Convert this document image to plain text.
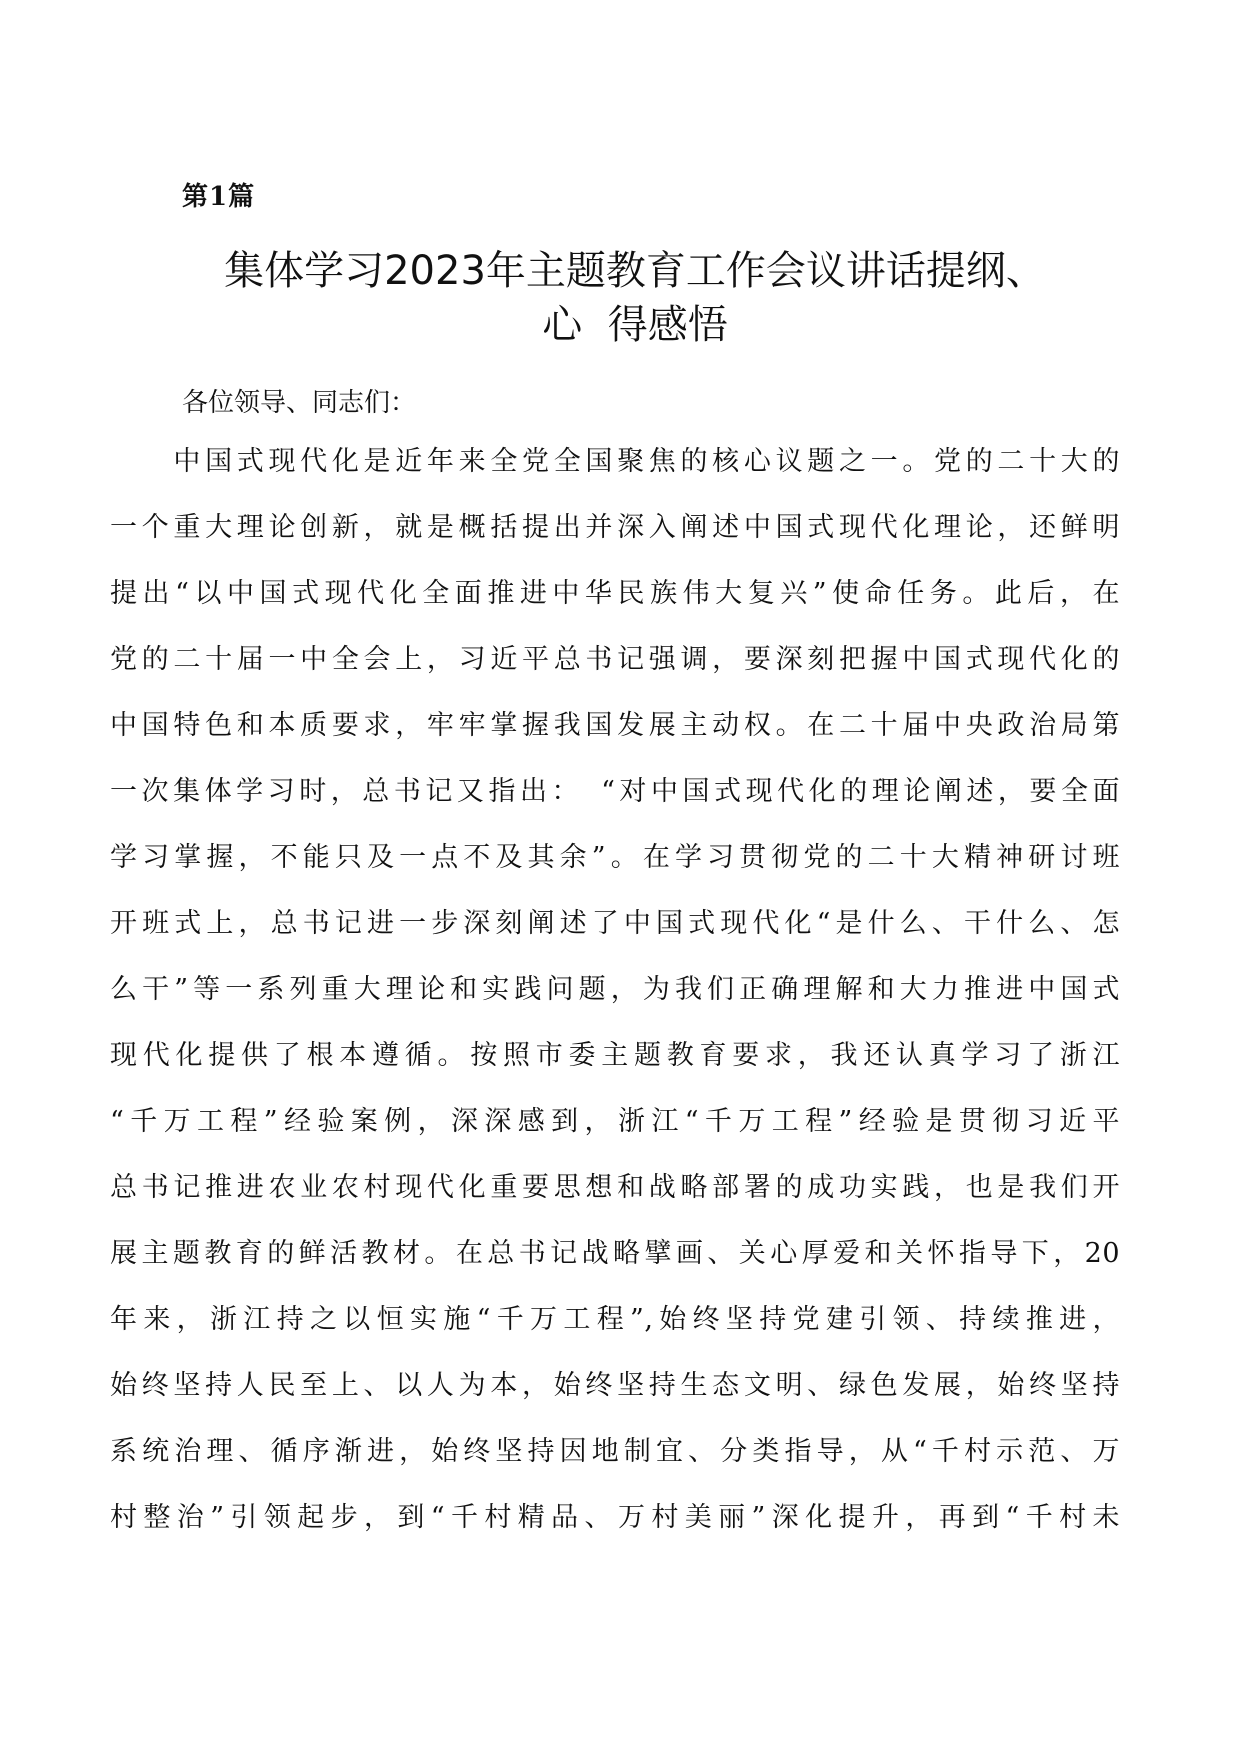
第1篇
集体学习2023年主题教育工作会议讲话提纲、
心  得感悟
各位领导、同志们：
　　中国式现代化是近年来全党全国聚焦的核心议题之一。党的二十大的
一个重大理论创新，就是概括提出并深入阐述中国式现代化理论，还鲜明
提出“以中国式现代化全面推进中华民族伟大复兴”使命任务。此后，在
党的二十届一中全会上，习近平总书记强调，要深刻把握中国式现代化的
中国特色和本质要求，牢牢掌握我国发展主动权。在二十届中央政治局第
一次集体学习时，总书记又指出：　“对中国式现代化的理论阐述，要全面
学习掌握，不能只及一点不及其余”。在学习贯彻党的二十大精神研讨班
开班式上，总书记进一步深刻阐述了中国式现代化“是什么、干什么、怎
么干”等一系列重大理论和实践问题，为我们正确理解和大力推进中国式
现代化提供了根本遵循。按照市委主题教育要求，我还认真学习了浙江
“千万工程”经验案例，深深感到，浙江“千万工程”经验是贯彻习近平
总书记推进农业农村现代化重要思想和战略部署的成功实践，也是我们开
展主题教育的鲜活教材。在总书记战略擘画、关心厚爱和关怀指导下，20
年来，浙江持之以恒实施“千万工程”,始终坚持党建引领、持续推进，
始终坚持人民至上、以人为本，始终坚持生态文明、绿色发展，始终坚持
系统治理、循序渐进，始终坚持因地制宜、分类指导，从“千村示范、万
村整治”引领起步，到“千村精品、万村美丽”深化提升，再到“千村未
